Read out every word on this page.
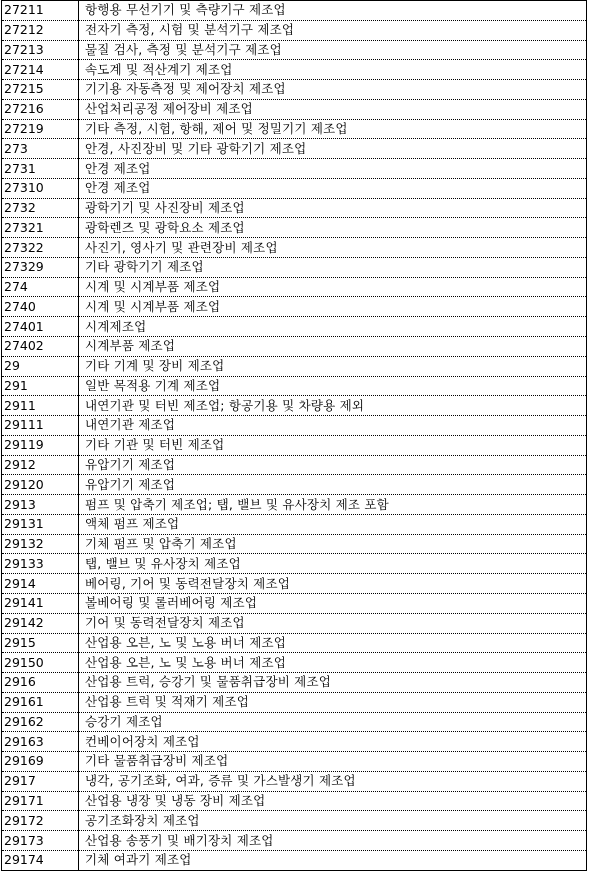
27211	항행용 무선기기 및 측량기구 제조업
27212	전자기 측정, 시험 및 분석기구 제조업
27213	물질 검사, 측정 및 분석기구 제조업
27214	속도계 및 적산계기 제조업
27215	기기용 자동측정 및 제어장치 제조업
27216	산업처리공정 제어장비 제조업
27219	기타 측정, 시험, 항해, 제어 및 정밀기기 제조업
273	안경, 사진장비 및 기타 광학기기 제조업
2731	안경 제조업
27310	안경 제조업
2732	광학기기 및 사진장비 제조업
27321	광학렌즈 및 광학요소 제조업
27322	사진기, 영사기 및 관련장비 제조업
27329	기타 광학기기 제조업
274	시계 및 시계부품 제조업
2740	시계 및 시계부품 제조업
27401	시계제조업
27402	시계부품 제조업
29	기타 기계 및 장비 제조업
291	일반 목적용 기계 제조업
2911	내연기관 및 터빈 제조업; 항공기용 및 차량용 제외
29111	내연기관 제조업
29119	기타 기관 및 터빈 제조업
2912	유압기기 제조업
29120	유압기기 제조업
2913	펌프 및 압축기 제조업; 탭, 밸브 및 유사장치 제조 포함
29131	액체 펌프 제조업
29132	기체 펌프 및 압축기 제조업
29133	탭, 밸브 및 유사장치 제조업
2914	베어링, 기어 및 동력전달장치 제조업
29141	볼베어링 및 롤러베어링 제조업
29142	기어 및 동력전달장치 제조업
2915	산업용 오븐, 노 및 노용 버너 제조업
29150	산업용 오븐, 노 및 노용 버너 제조업
2916	산업용 트럭, 승강기 및 물품취급장비 제조업
29161	산업용 트럭 및 적재기 제조업
29162	승강기 제조업
29163	컨베이어장치 제조업
29169	기타 물품취급장비 제조업
2917	냉각, 공기조화, 여과, 증류 및 가스발생기 제조업
29171	산업용 냉장 및 냉동 장비 제조업
29172	공기조화장치 제조업
29173	산업용 송풍기 및 배기장치 제조업
29174	기체 여과기 제조업
